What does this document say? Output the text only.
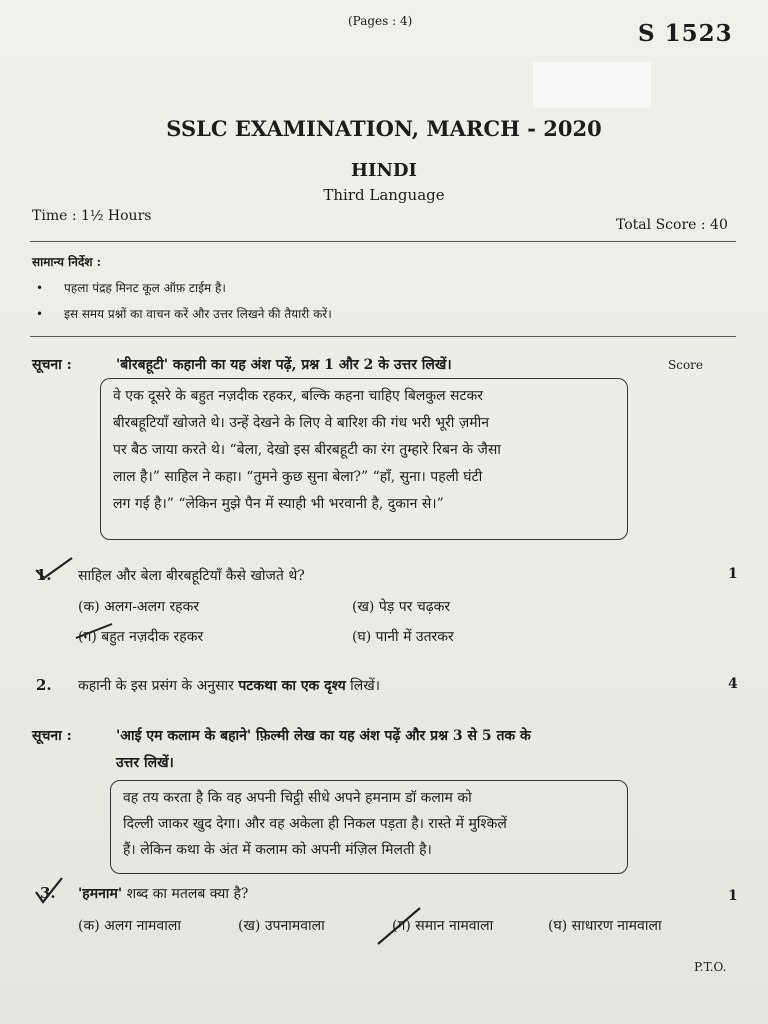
(Pages : 4)	S 1523
SSLC EXAMINATION, MARCH - 2020
HINDI
Third Language
Time : 1½ Hours
Total Score : 40
सामान्य निर्देश :
• पहला पंद्रह मिनट कूल ऑफ़ टाईम है।
• इस समय प्रश्नों का वाचन करें और उत्तर लिखने की तैयारी करें।
सूचना :	'बीरबहूटी' कहानी का यह अंश पढ़ें, प्रश्न 1 और 2 के उत्तर लिखें।	Score
वे एक दूसरे के बहुत नज़दीक रहकर, बल्कि कहना चाहिए बिलकुल सटकर
बीरबहूटियाँ खोजते थे। उन्हें देखने के लिए वे बारिश की गंध भरी भूरी ज़मीन
पर बैठ जाया करते थे। “बेला, देखो इस बीरबहूटी का रंग तुम्हारे रिबन के जैसा
लाल है।” साहिल ने कहा। “तुमने कुछ सुना बेला?” “हाँ, सुना। पहली घंटी
लग गई है।” “लेकिन मुझे पैन में स्याही भी भरवानी है, दुकान से।”
1. साहिल और बेला बीरबहूटियाँ कैसे खोजते थे?	1
(क) अलग-अलग रहकर	(ख) पेड़ पर चढ़कर
(ग) बहुत नज़दीक रहकर	(घ) पानी में उतरकर
2. कहानी के इस प्रसंग के अनुसार पटकथा का एक दृश्य लिखें।	4
सूचना :	'आई एम कलाम के बहाने' फ़िल्मी लेख का यह अंश पढ़ें और प्रश्न 3 से 5 तक के
उत्तर लिखें।
वह तय करता है कि वह अपनी चिट्ठी सीधे अपने हमनाम डॉ कलाम को
दिल्ली जाकर खुद देगा। और वह अकेला ही निकल पड़ता है। रास्ते में मुश्किलें
हैं। लेकिन कथा के अंत में कलाम को अपनी मंज़िल मिलती है।
3. 'हमनाम' शब्द का मतलब क्या है?	1
(क) अलग नामवाला	(ख) उपनामवाला	(ग) समान नामवाला	(घ) साधारण नामवाला
P.T.O.
